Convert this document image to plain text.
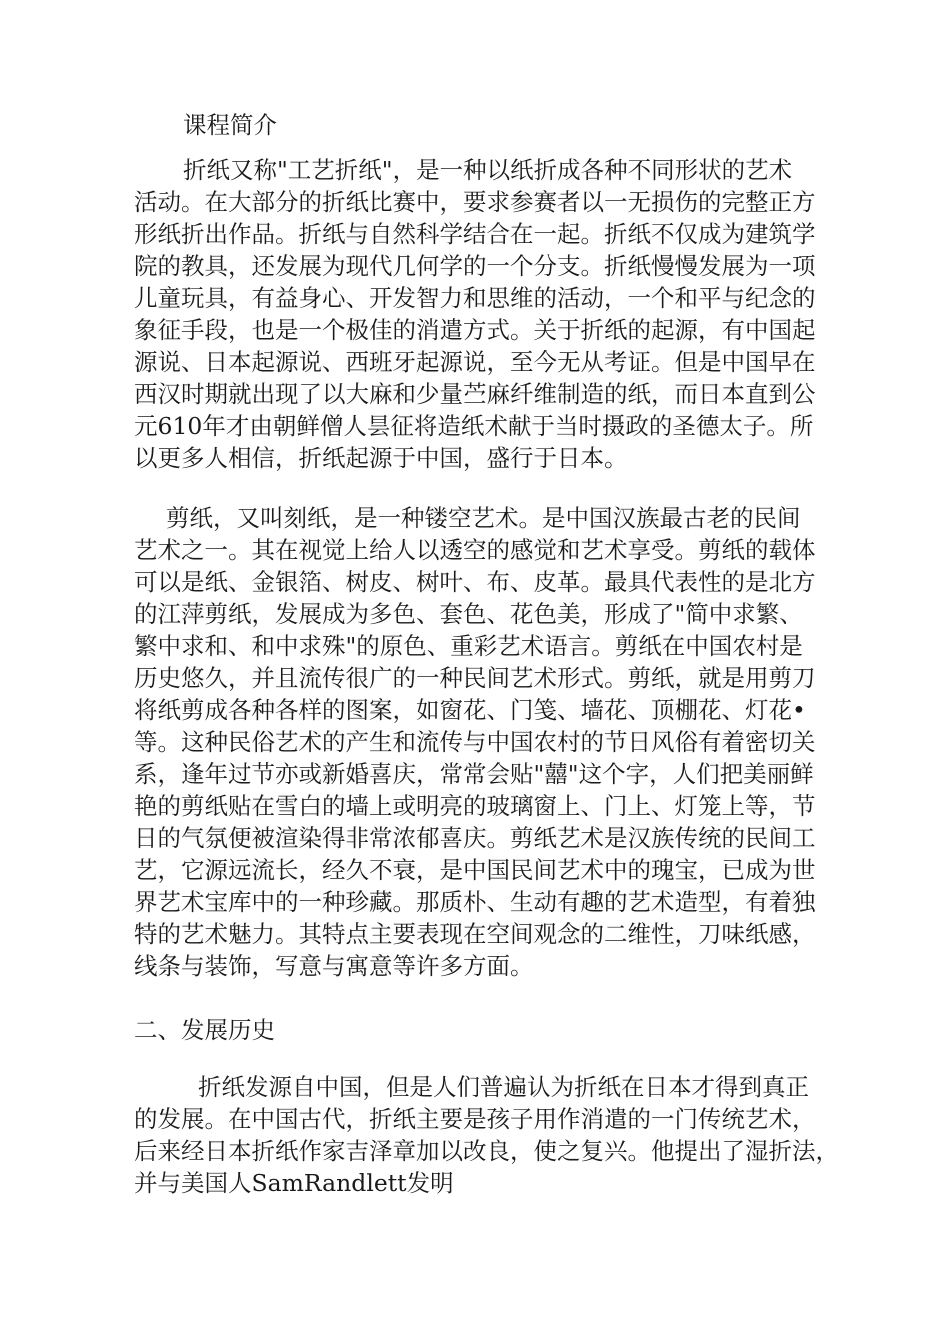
课程简介
折纸又称"工艺折纸"，是一种以纸折成各种不同形状的艺术
活动。在大部分的折纸比赛中，要求参赛者以一无损伤的完整正方
形纸折出作品。折纸与自然科学结合在一起。折纸不仅成为建筑学
院的教具，还发展为现代几何学的一个分支。折纸慢慢发展为一项
儿童玩具，有益身心、开发智力和思维的活动，一个和平与纪念的
象征手段，也是一个极佳的消遣方式。关于折纸的起源，有中国起
源说、日本起源说、西班牙起源说，至今无从考证。但是中国早在
西汉时期就出现了以大麻和少量苎麻纤维制造的纸，而日本直到公
元610年才由朝鲜僧人昙征将造纸术献于当时摄政的圣德太子。所
以更多人相信，折纸起源于中国，盛行于日本。
剪纸，又叫刻纸，是一种镂空艺术。是中国汉族最古老的民间
艺术之一。其在视觉上给人以透空的感觉和艺术享受。剪纸的载体
可以是纸、金银箔、树皮、树叶、布、皮革。最具代表性的是北方
的江萍剪纸，发展成为多色、套色、花色美，形成了"简中求繁、
繁中求和、和中求殊"的原色、重彩艺术语言。剪纸在中国农村是
历史悠久，并且流传很广的一种民间艺术形式。剪纸，就是用剪刀
将纸剪成各种各样的图案，如窗花、门笺、墙花、顶棚花、灯花•
等。这种民俗艺术的产生和流传与中国农村的节日风俗有着密切关
系，逢年过节亦或新婚喜庆，常常会贴"囍"这个字，人们把美丽鲜
艳的剪纸贴在雪白的墙上或明亮的玻璃窗上、门上、灯笼上等，节
日的气氛便被渲染得非常浓郁喜庆。剪纸艺术是汉族传统的民间工
艺，它源远流长，经久不衰，是中国民间艺术中的瑰宝，已成为世
界艺术宝库中的一种珍藏。那质朴、生动有趣的艺术造型，有着独
特的艺术魅力。其特点主要表现在空间观念的二维性，刀味纸感，
线条与装饰，写意与寓意等许多方面。
二、发展历史
折纸发源自中国，但是人们普遍认为折纸在日本才得到真正
的发展。在中国古代，折纸主要是孩子用作消遣的一门传统艺术，
后来经日本折纸作家吉泽章加以改良，使之复兴。他提出了湿折法，
并与美国人SamRandlett发明
